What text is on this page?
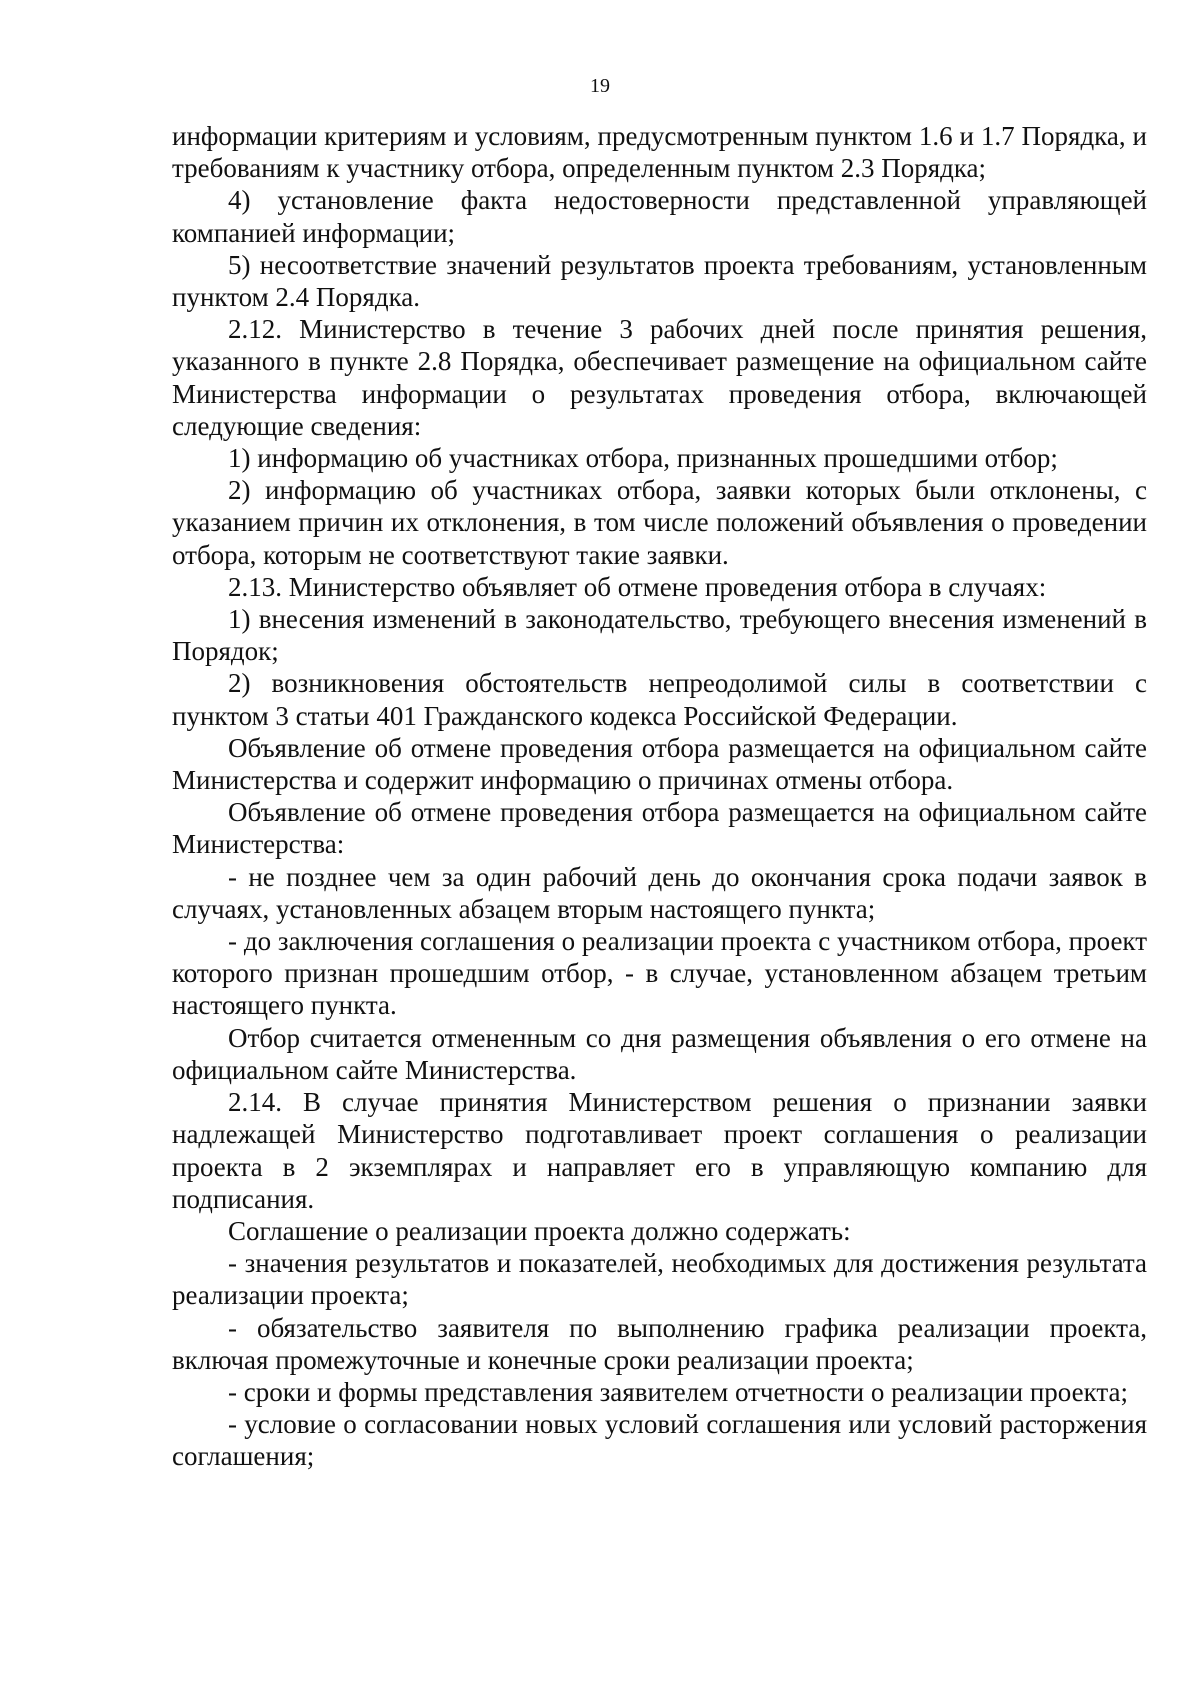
19

информации критериям и условиям, предусмотренным пунктом 1.6 и 1.7 Порядка, и требованиям к участнику отбора, определенным пунктом 2.3 Порядка;

4) установление факта недостоверности представленной управляющей компанией информации;

5) несоответствие значений результатов проекта требованиям, установленным пунктом 2.4 Порядка.

2.12. Министерство в течение 3 рабочих дней после принятия решения, указанного в пункте 2.8 Порядка, обеспечивает размещение на официальном сайте Министерства информации о результатах проведения отбора, включающей следующие сведения:

1) информацию об участниках отбора, признанных прошедшими отбор;

2) информацию об участниках отбора, заявки которых были отклонены, с указанием причин их отклонения, в том числе положений объявления о проведении отбора, которым не соответствуют такие заявки.

2.13. Министерство объявляет об отмене проведения отбора в случаях:

1) внесения изменений в законодательство, требующего внесения изменений в Порядок;

2) возникновения обстоятельств непреодолимой силы в соответствии с пунктом 3 статьи 401 Гражданского кодекса Российской Федерации.

Объявление об отмене проведения отбора размещается на официальном сайте Министерства и содержит информацию о причинах отмены отбора.

Объявление об отмене проведения отбора размещается на официальном сайте Министерства:

- не позднее чем за один рабочий день до окончания срока подачи заявок в случаях, установленных абзацем вторым настоящего пункта;

- до заключения соглашения о реализации проекта с участником отбора, проект которого признан прошедшим отбор, - в случае, установленном абзацем третьим настоящего пункта.

Отбор считается отмененным со дня размещения объявления о его отмене на официальном сайте Министерства.

2.14. В случае принятия Министерством решения о признании заявки надлежащей Министерство подготавливает проект соглашения о реализации проекта в 2 экземплярах и направляет его в управляющую компанию для подписания.

Соглашение о реализации проекта должно содержать:

- значения результатов и показателей, необходимых для достижения результата реализации проекта;

- обязательство заявителя по выполнению графика реализации проекта, включая промежуточные и конечные сроки реализации проекта;

- сроки и формы представления заявителем отчетности о реализации проекта;

- условие о согласовании новых условий соглашения или условий расторжения соглашения;
